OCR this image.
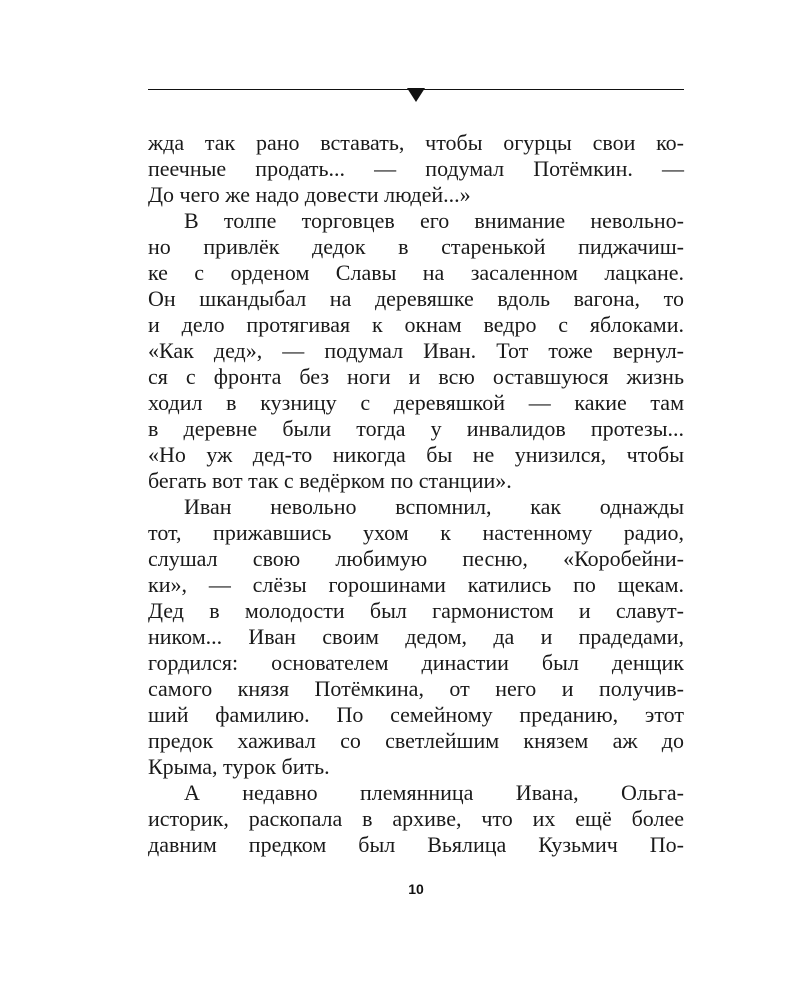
жда так рано вставать, чтобы огурцы свои ко-
пеечные продать... — подумал Потёмкин. —
До чего же надо довести людей...»
В толпе торговцев его внимание невольно-
но привлёк дедок в старенькой пиджачиш-
ке с орденом Славы на засаленном лацкане.
Он шкандыбал на деревяшке вдоль вагона, то
и дело протягивая к окнам ведро с яблоками.
«Как дед», — подумал Иван. Тот тоже вернул-
ся с фронта без ноги и всю оставшуюся жизнь
ходил в кузницу с деревяшкой — какие там
в деревне были тогда у инвалидов протезы...
«Но уж дед-то никогда бы не унизился, чтобы
бегать вот так с ведёрком по станции».
Иван невольно вспомнил, как однажды
тот, прижавшись ухом к настенному радио,
слушал свою любимую песню, «Коробейни-
ки», — слёзы горошинами катились по щекам.
Дед в молодости был гармонистом и славут-
ником... Иван своим дедом, да и прадедами,
гордился: основателем династии был денщик
самого князя Потёмкина, от него и получив-
ший фамилию. По семейному преданию, этот
предок хаживал со светлейшим князем аж до
Крыма, турок бить.
А недавно племянница Ивана, Ольга-
историк, раскопала в архиве, что их ещё более
давним предком был Вьялица Кузьмич По-
10
